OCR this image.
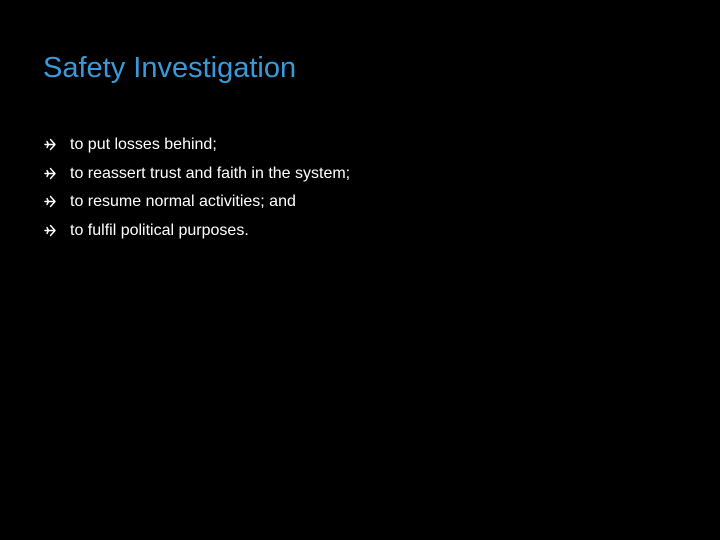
Safety Investigation
to put losses behind;
to reassert trust and faith in the system;
to resume normal activities; and
to fulfil political purposes.
